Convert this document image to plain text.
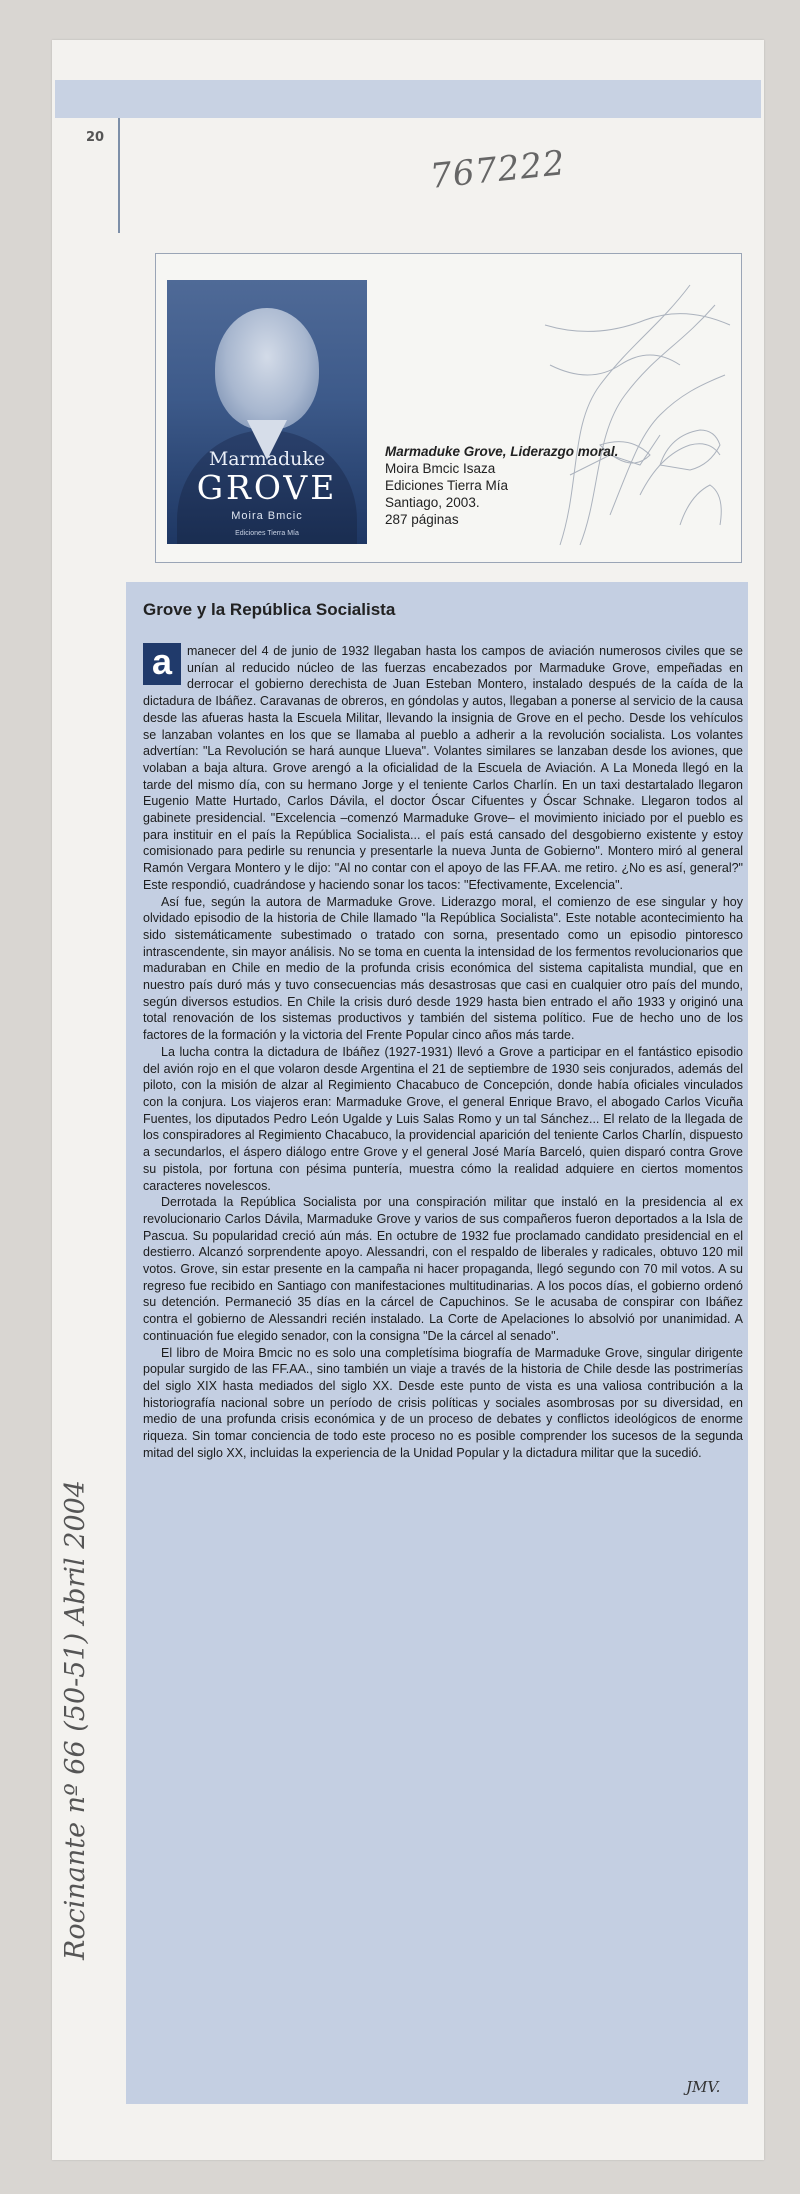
20
767222
Marmaduke
GROVE
Moira Bmcic
Ediciones Tierra Mía
Marmaduke Grove, Liderazgo moral.
Moira Bmcic Isaza
Ediciones Tierra Mía
Santiago, 2003.
287 páginas
Grove y la República Socialista

manecer del 4 de junio de 1932 llegaban hasta los campos de aviación numerosos civiles que se unían al reducido núcleo de las fuerzas encabezados por Marmaduke Grove, empeñadas en derrocar el gobierno derechista de Juan Esteban Montero, instalado después de la caída de la dictadura de Ibáñez. Caravanas de obreros, en góndolas y autos, llegaban a ponerse al servicio de la causa desde las afueras hasta la Escuela Militar, llevando la insignia de Grove en el pecho. Desde los vehículos se lanzaban volantes en los que se llamaba al pueblo a adherir a la revolución socialista. Los volantes advertían: "La Revolución se hará aunque Llueva". Volantes similares se lanzaban desde los aviones, que volaban a baja altura. Grove arengó a la oficialidad de la Escuela de Aviación. A La Moneda llegó en la tarde del mismo día, con su hermano Jorge y el teniente Carlos Charlín. En un taxi destartalado llegaron Eugenio Matte Hurtado, Carlos Dávila, el doctor Óscar Cifuentes y Óscar Schnake. Llegaron todos al gabinete presidencial. "Excelencia –comenzó Marmaduke Grove– el movimiento iniciado por el pueblo es para instituir en el país la República Socialista... el país está cansado del desgobierno existente y estoy comisionado para pedirle su renuncia y presentarle la nueva Junta de Gobierno". Montero miró al general Ramón Vergara Montero y le dijo: "Al no contar con el apoyo de las FF.AA. me retiro. ¿No es así, general?" Este respondió, cuadrándose y haciendo sonar los tacos: "Efectivamente, Excelencia".

Así fue, según la autora de Marmaduke Grove. Liderazgo moral, el comienzo de ese singular y hoy olvidado episodio de la historia de Chile llamado "la República Socialista". Este notable acontecimiento ha sido sistemáticamente subestimado o tratado con sorna, presentado como un episodio pintoresco intrascendente, sin mayor análisis. No se toma en cuenta la intensidad de los fermentos revolucionarios que maduraban en Chile en medio de la profunda crisis económica del sistema capitalista mundial, que en nuestro país duró más y tuvo consecuencias más desastrosas que casi en cualquier otro país del mundo, según diversos estudios. En Chile la crisis duró desde 1929 hasta bien entrado el año 1933 y originó una total renovación de los sistemas productivos y también del sistema político. Fue de hecho uno de los factores de la formación y la victoria del Frente Popular cinco años más tarde.

La lucha contra la dictadura de Ibáñez (1927-1931) llevó a Grove a participar en el fantástico episodio del avión rojo en el que volaron desde Argentina el 21 de septiembre de 1930 seis conjurados, además del piloto, con la misión de alzar al Regimiento Chacabuco de Concepción, donde había oficiales vinculados con la conjura. Los viajeros eran: Marmaduke Grove, el general Enrique Bravo, el abogado Carlos Vicuña Fuentes, los diputados Pedro León Ugalde y Luis Salas Romo y un tal Sánchez... El relato de la llegada de los conspiradores al Regimiento Chacabuco, la providencial aparición del teniente Carlos Charlín, dispuesto a secundarlos, el áspero diálogo entre Grove y el general José María Barceló, quien disparó contra Grove su pistola, por fortuna con pésima puntería, muestra cómo la realidad adquiere en ciertos momentos caracteres novelescos.

Derrotada la República Socialista por una conspiración militar que instaló en la presidencia al ex revolucionario Carlos Dávila, Marmaduke Grove y varios de sus compañeros fueron deportados a la Isla de Pascua. Su popularidad creció aún más. En octubre de 1932 fue proclamado candidato presidencial en el destierro. Alcanzó sorprendente apoyo. Alessandri, con el respaldo de liberales y radicales, obtuvo 120 mil votos. Grove, sin estar presente en la campaña ni hacer propaganda, llegó segundo con 70 mil votos. A su regreso fue recibido en Santiago con manifestaciones multitudinarias. A los pocos días, el gobierno ordenó su detención. Permaneció 35 días en la cárcel de Capuchinos. Se le acusaba de conspirar con Ibáñez contra el gobierno de Alessandri recién instalado. La Corte de Apelaciones lo absolvió por unanimidad. A continuación fue elegido senador, con la consigna "De la cárcel al senado".

El libro de Moira Bmcic no es solo una completísima biografía de Marmaduke Grove, singular dirigente popular surgido de las FF.AA., sino también un viaje a través de la historia de Chile desde las postrimerías del siglo XIX hasta mediados del siglo XX. Desde este punto de vista es una valiosa contribución a la historiografía nacional sobre un período de crisis políticas y sociales asombrosas por su diversidad, en medio de una profunda crisis económica y de un proceso de debates y conflictos ideológicos de enorme riqueza. Sin tomar conciencia de todo este proceso no es posible comprender los sucesos de la segunda mitad del siglo XX, incluidas la experiencia de la Unidad Popular y la dictadura militar que la sucedió.

a
JMV.
Rocinante nº 66 (50-51) Abril 2004
